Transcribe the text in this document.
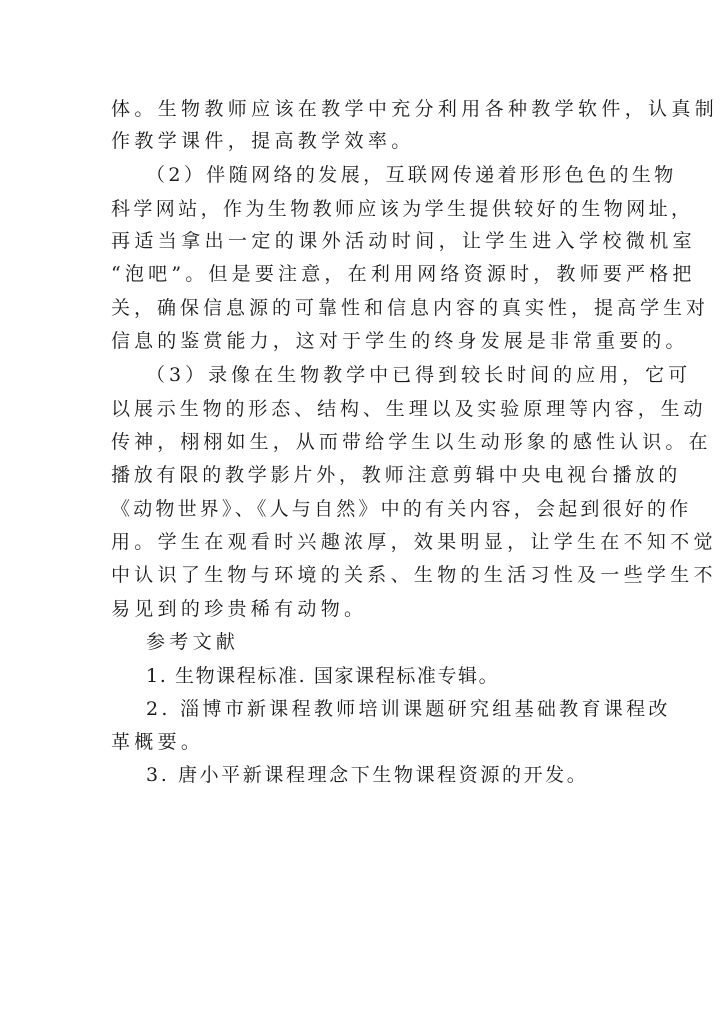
体。生物教师应该在教学中充分利用各种教学软件，认真制
作教学课件，提高教学效率。
（2）伴随网络的发展，互联网传递着形形色色的生物
科学网站，作为生物教师应该为学生提供较好的生物网址，
再适当拿出一定的课外活动时间，让学生进入学校微机室
“泡吧”。但是要注意，在利用网络资源时，教师要严格把
关，确保信息源的可靠性和信息内容的真实性，提高学生对
信息的鉴赏能力，这对于学生的终身发展是非常重要的。
（3）录像在生物教学中已得到较长时间的应用，它可
以展示生物的形态、结构、生理以及实验原理等内容，生动
传神，栩栩如生，从而带给学生以生动形象的感性认识。在
播放有限的教学影片外，教师注意剪辑中央电视台播放的
《动物世界》、《人与自然》中的有关内容，会起到很好的作
用。学生在观看时兴趣浓厚，效果明显，让学生在不知不觉
中认识了生物与环境的关系、生物的生活习性及一些学生不
易见到的珍贵稀有动物。
参考文献
1. 生物课程标准. 国家课程标准专辑。
2. 淄博市新课程教师培训课题研究组基础教育课程改
革概要。
3. 唐小平新课程理念下生物课程资源的开发。
